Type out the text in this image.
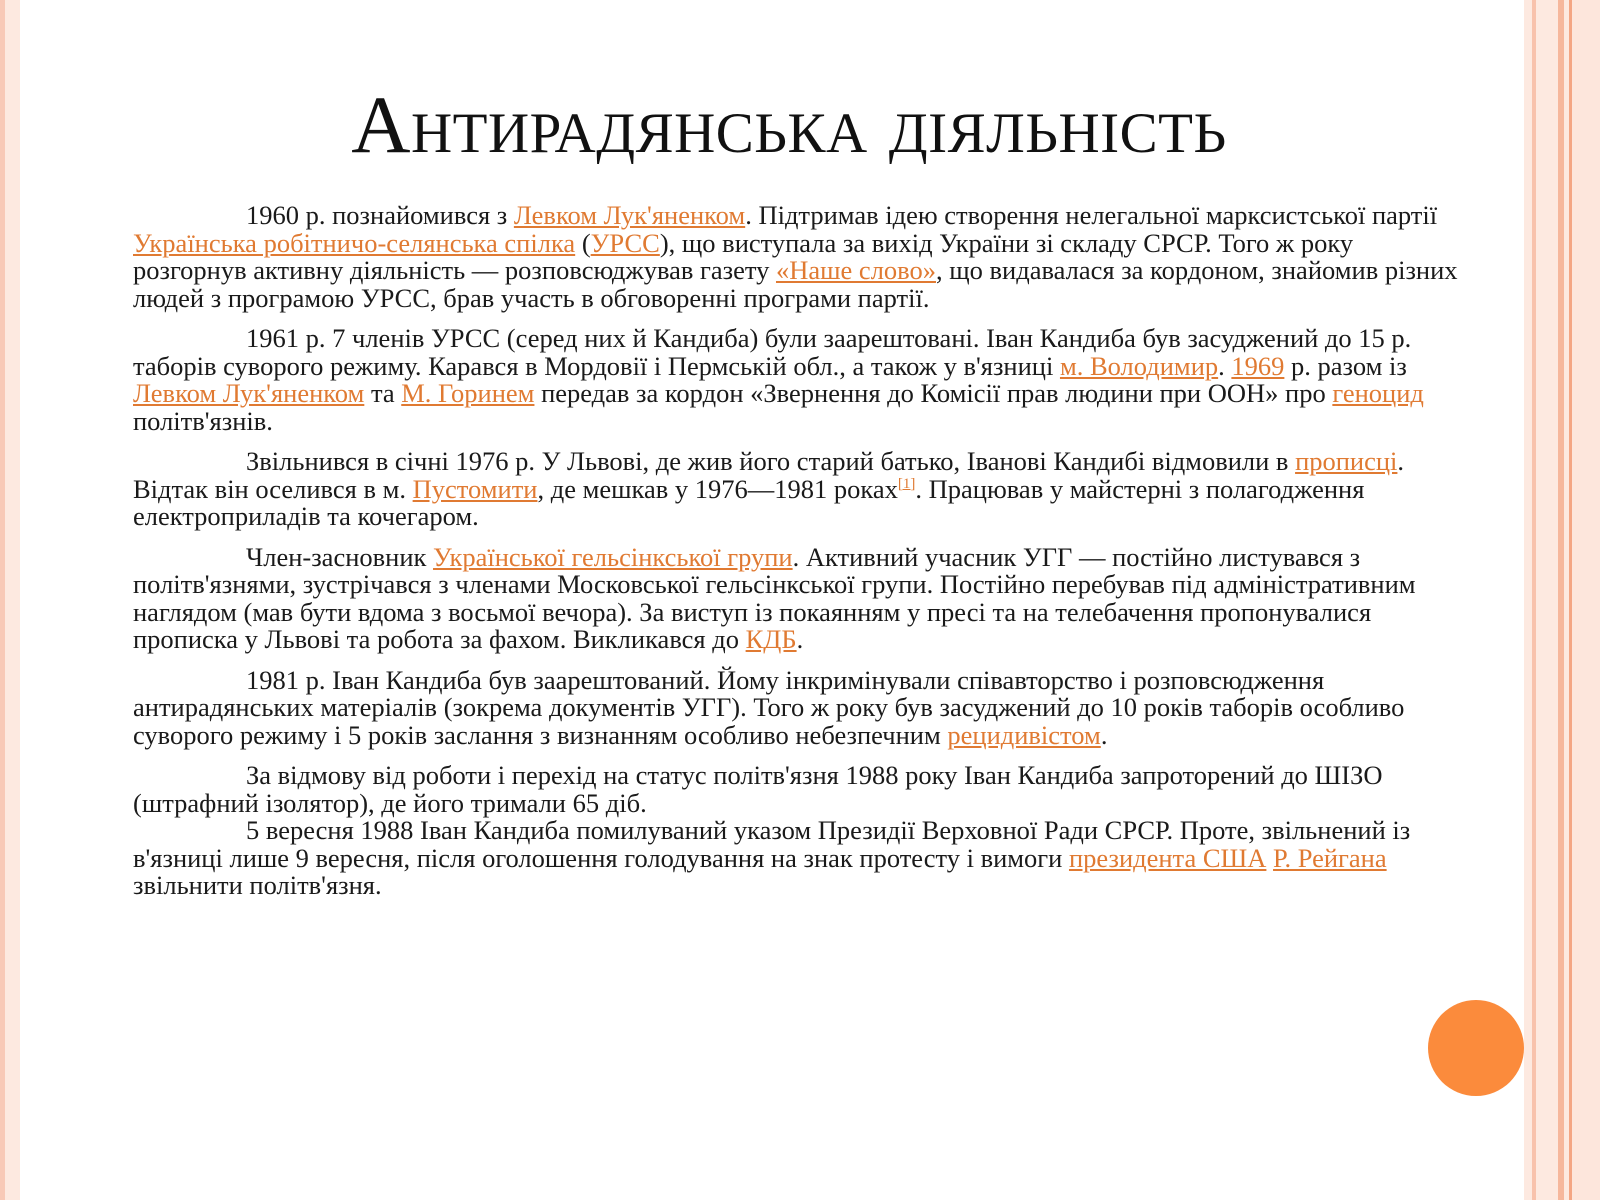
Антирадянська діяльність

1960 р. познайомився з Левком Лук'яненком. Підтримав ідею створення нелегальної марксистської партії Українська робітничо-селянська спілка (УРСС), що виступала за вихід України зі складу СРСР. Того ж року розгорнув активну діяльність — розповсюджував газету «Наше слово», що видавалася за кордоном, знайомив різних людей з програмою УРСС, брав участь в обговоренні програми партії.

1961 р. 7 членів УРСС (серед них й Кандиба) були заарештовані. Іван Кандиба був засуджений до 15 р. таборів суворого режиму. Карався в Мордовії і Пермській обл., а також у в'язниці м. Володимир. 1969 р. разом із Левком Лук'яненком та М. Горинем передав за кордон «Звернення до Комісії прав людини при ООН» про геноцид політв'язнів.

Звільнився в січні 1976 р. У Львові, де жив його старий батько, Іванові Кандибі відмовили в прописці. Відтак він оселився в м. Пустомити, де мешкав у 1976—1981 роках[1]. Працював у майстерні з полагодження електроприладів та кочегаром.

Член-засновник Української гельсінкської групи. Активний учасник УГГ — постійно листувався з політв'язнями, зустрічався з членами Московської гельсінкської групи. Постійно перебував під адміністративним наглядом (мав бути вдома з восьмої вечора). За виступ із покаянням у пресі та на телебачення пропонувалися прописка у Львові та робота за фахом. Викликався до КДБ.

1981 р. Іван Кандиба був заарештований. Йому інкримінували співавторство і розповсюдження антирадянських матеріалів (зокрема документів УГГ). Того ж року був засуджений до 10 років таборів особливо суворого режиму і 5 років заслання з визнанням особливо небезпечним рецидивістом.

За відмову від роботи і перехід на статус політв'язня 1988 року Іван Кандиба запроторений до ШІЗО (штрафний ізолятор), де його тримали 65 діб.

5 вересня 1988 Іван Кандиба помилуваний указом Президії Верховної Ради СРСР. Проте, звільнений із в'язниці лише 9 вересня, після оголошення голодування на знак протесту і вимоги президента США Р. Рейгана звільнити політв'язня.
